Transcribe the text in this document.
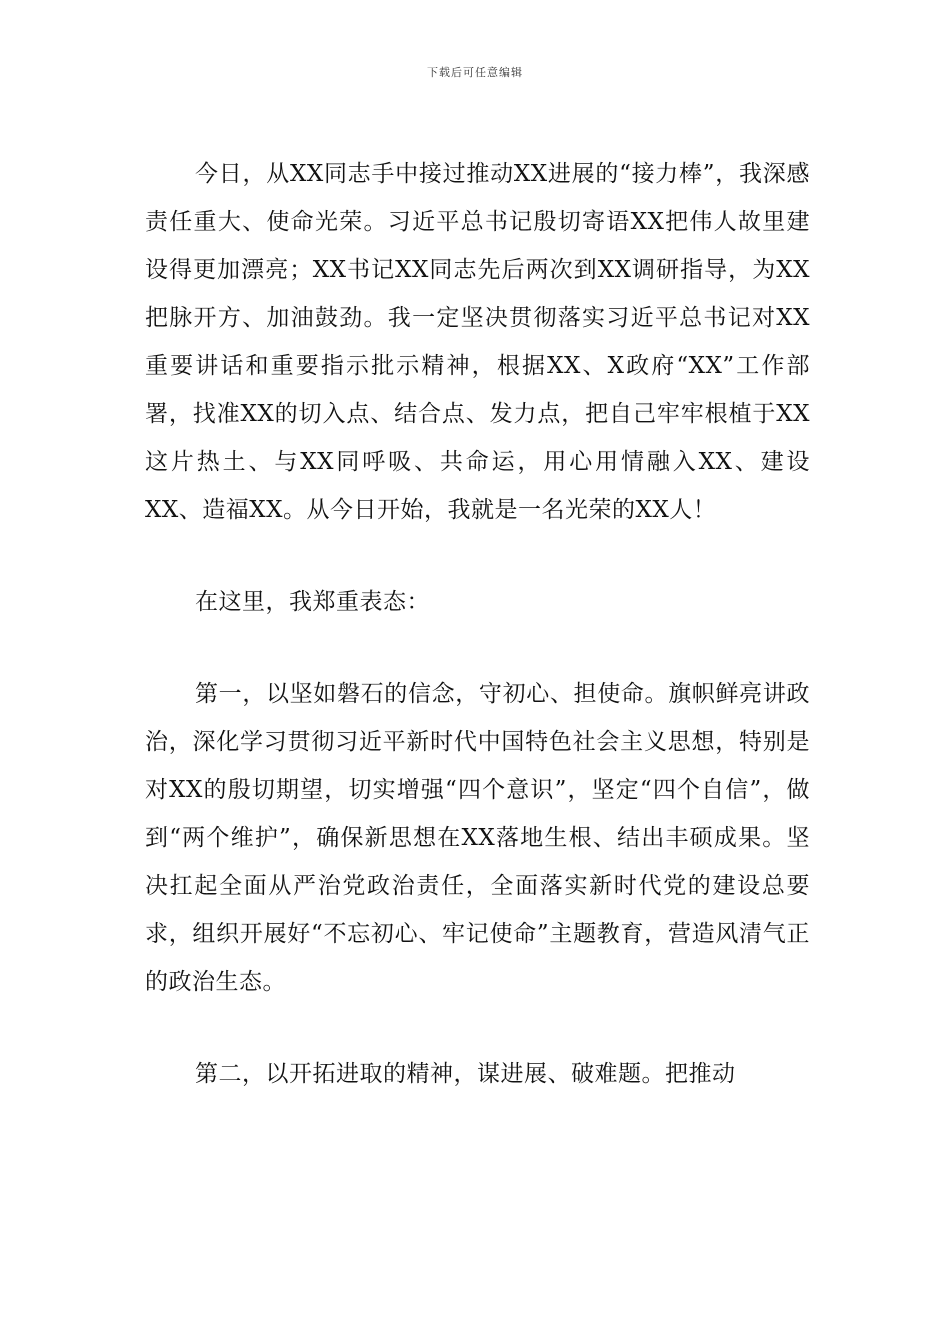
下载后可任意编辑

今日，从XX同志手中接过推动XX进展的“接力棒”，我深感责任重大、使命光荣。习近平总书记殷切寄语XX把伟人故里建设得更加漂亮；XX书记XX同志先后两次到XX调研指导，为XX把脉开方、加油鼓劲。我一定坚决贯彻落实习近平总书记对XX重要讲话和重要指示批示精神，根据XX、X政府“XX”工作部署，找准XX的切入点、结合点、发力点，把自己牢牢根植于XX这片热土、与XX同呼吸、共命运，用心用情融入XX、建设XX、造福XX。从今日开始，我就是一名光荣的XX人！

在这里，我郑重表态：

第一，以坚如磐石的信念，守初心、担使命。旗帜鲜亮讲政治，深化学习贯彻习近平新时代中国特色社会主义思想，特别是对XX的殷切期望，切实增强“四个意识”，坚定“四个自信”，做到“两个维护”，确保新思想在XX落地生根、结出丰硕成果。坚决扛起全面从严治党政治责任，全面落实新时代党的建设总要求，组织开展好“不忘初心、牢记使命”主题教育，营造风清气正的政治生态。

第二，以开拓进取的精神，谋进展、破难题。把推动
